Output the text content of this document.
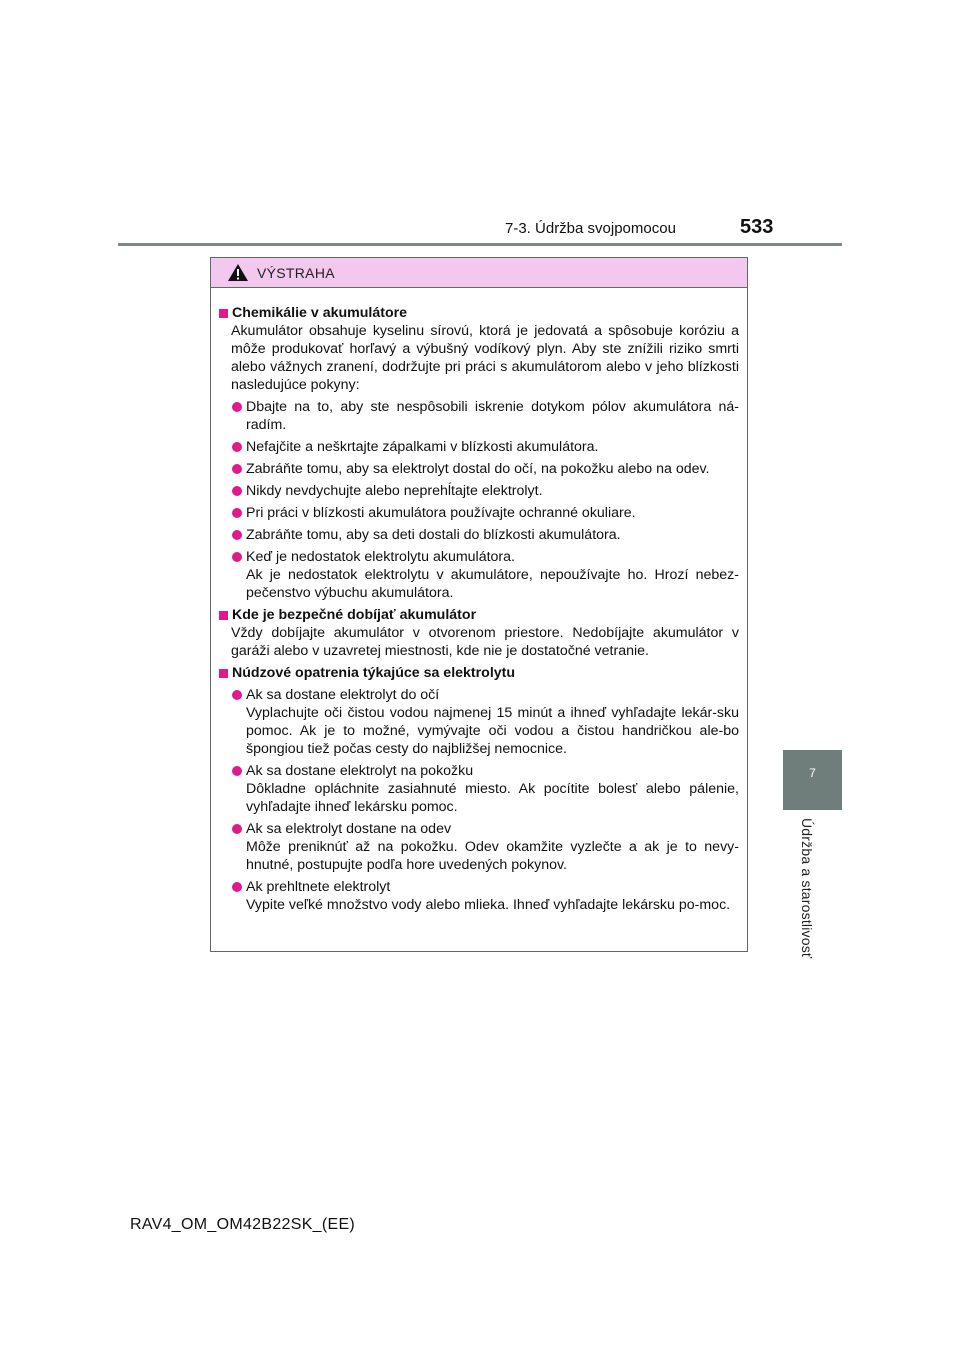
7-3. Údržba svojpomocou	533
7
Údržba a starostlivosť
VÝSTRAHA
Chemikálie v akumulátore
Akumulátor obsahuje kyselinu sírovú, ktorá je jedovatá a spôsobuje koróziu a môže produkovať horľavý a výbušný vodíkový plyn. Aby ste znížili riziko smrti alebo vážnych zranení, dodržujte pri práci s akumulátorom alebo v jeho blízkosti nasledujúce pokyny:
Dbajte na to, aby ste nespôsobili iskrenie dotykom pólov akumulátora ná-radím.
Nefajčite a neškrtajte zápalkami v blízkosti akumulátora.
Zabráňte tomu, aby sa elektrolyt dostal do očí, na pokožku alebo na odev.
Nikdy nevdychujte alebo neprehĺtajte elektrolyt.
Pri práci v blízkosti akumulátora používajte ochranné okuliare.
Zabráňte tomu, aby sa deti dostali do blízkosti akumulátora.
Keď je nedostatok elektrolytu akumulátora.
Ak je nedostatok elektrolytu v akumulátore, nepoužívajte ho. Hrozí nebez-pečenstvo výbuchu akumulátora.
Kde je bezpečné dobíjať akumulátor
Vždy dobíjajte akumulátor v otvorenom priestore. Nedobíjajte akumulátor v garáži alebo v uzavretej miestnosti, kde nie je dostatočné vetranie.
Núdzové opatrenia týkajúce sa elektrolytu
Ak sa dostane elektrolyt do očí
Vyplachujte oči čistou vodou najmenej 15 minút a ihneď vyhľadajte lekár-sku pomoc. Ak je to možné, vymývajte oči vodou a čistou handričkou ale-bo špongiou tiež počas cesty do najbližšej nemocnice.
Ak sa dostane elektrolyt na pokožku
Dôkladne opláchnite zasiahnuté miesto. Ak pocítite bolesť alebo pálenie, vyhľadajte ihneď lekársku pomoc.
Ak sa elektrolyt dostane na odev
Môže preniknúť až na pokožku. Odev okamžite vyzlečte a ak je to nevy-hnutné, postupujte podľa hore uvedených pokynov.
Ak prehltnete elektrolyt
Vypite veľké množstvo vody alebo mlieka. Ihneď vyhľadajte lekársku po-moc.
RAV4_OM_OM42B22SK_(EE)
